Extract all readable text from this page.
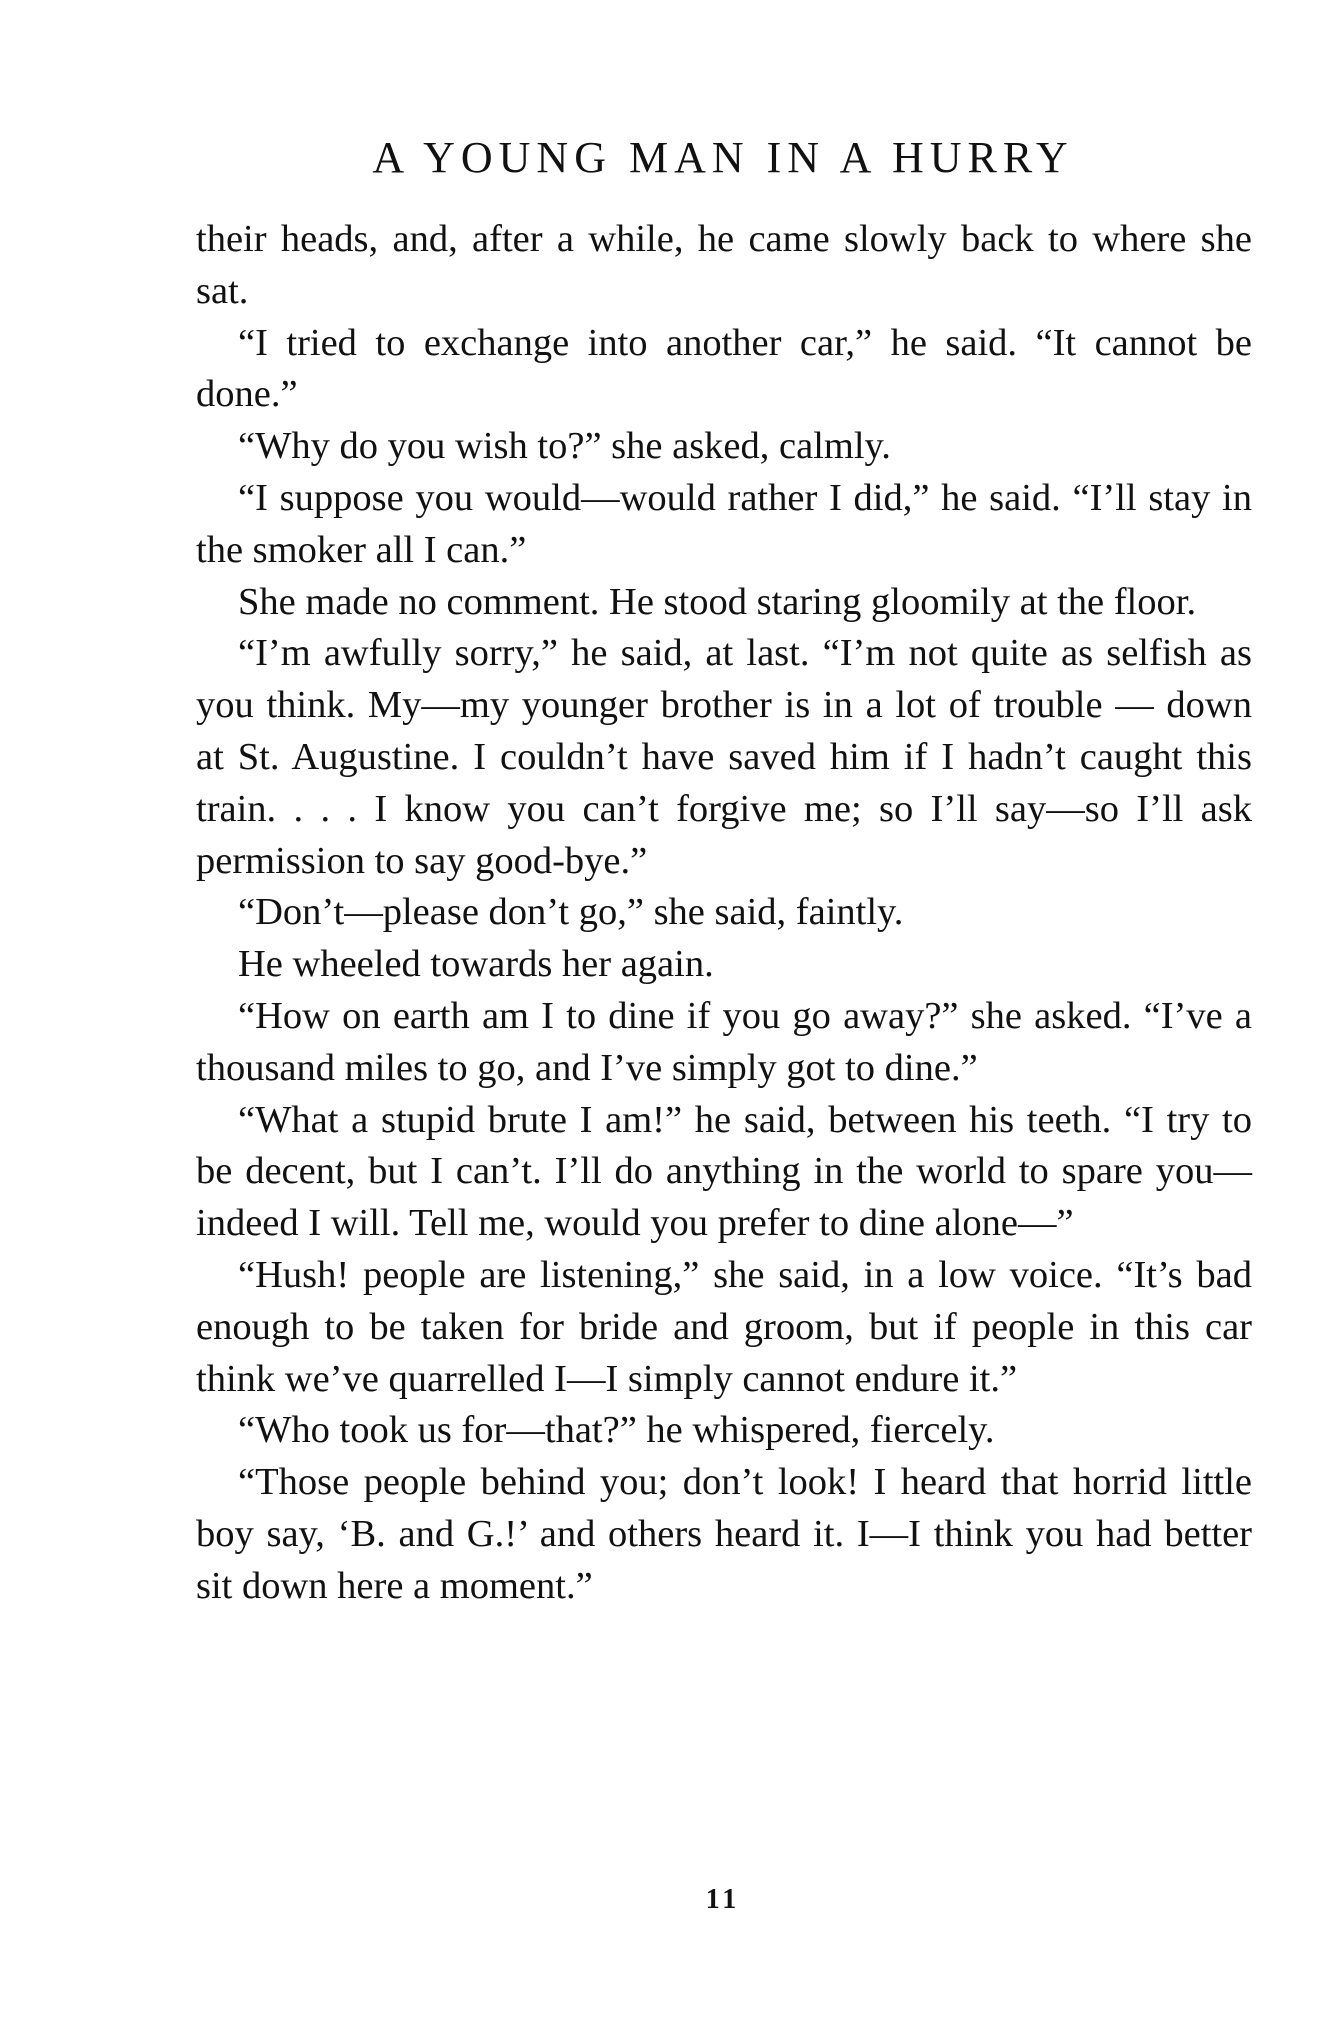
A YOUNG MAN IN A HURRY

their heads, and, after a while, he came slowly back to where she sat.

“I tried to exchange into another car,” he said. “It cannot be done.”

“Why do you wish to?” she asked, calmly.

“I suppose you would—would rather I did,” he said. “I’ll stay in the smoker all I can.”

She made no comment. He stood staring gloomily at the floor.

“I’m awfully sorry,” he said, at last. “I’m not quite as selfish as you think. My—my younger brother is in a lot of trouble — down at St. Augustine. I couldn’t have saved him if I hadn’t caught this train. . . . I know you can’t forgive me; so I’ll say—so I’ll ask permission to say good-bye.”

“Don’t—please don’t go,” she said, faintly.

He wheeled towards her again.

“How on earth am I to dine if you go away?” she asked. “I’ve a thousand miles to go, and I’ve simply got to dine.”

“What a stupid brute I am!” he said, between his teeth. “I try to be decent, but I can’t. I’ll do anything in the world to spare you—indeed I will. Tell me, would you prefer to dine alone—”

“Hush! people are listening,” she said, in a low voice. “It’s bad enough to be taken for bride and groom, but if people in this car think we’ve quarrelled I—I simply cannot endure it.”

“Who took us for—that?” he whispered, fiercely.

“Those people behind you; don’t look! I heard that horrid little boy say, ‘B. and G.!’ and others heard it. I—I think you had better sit down here a moment.”

11
